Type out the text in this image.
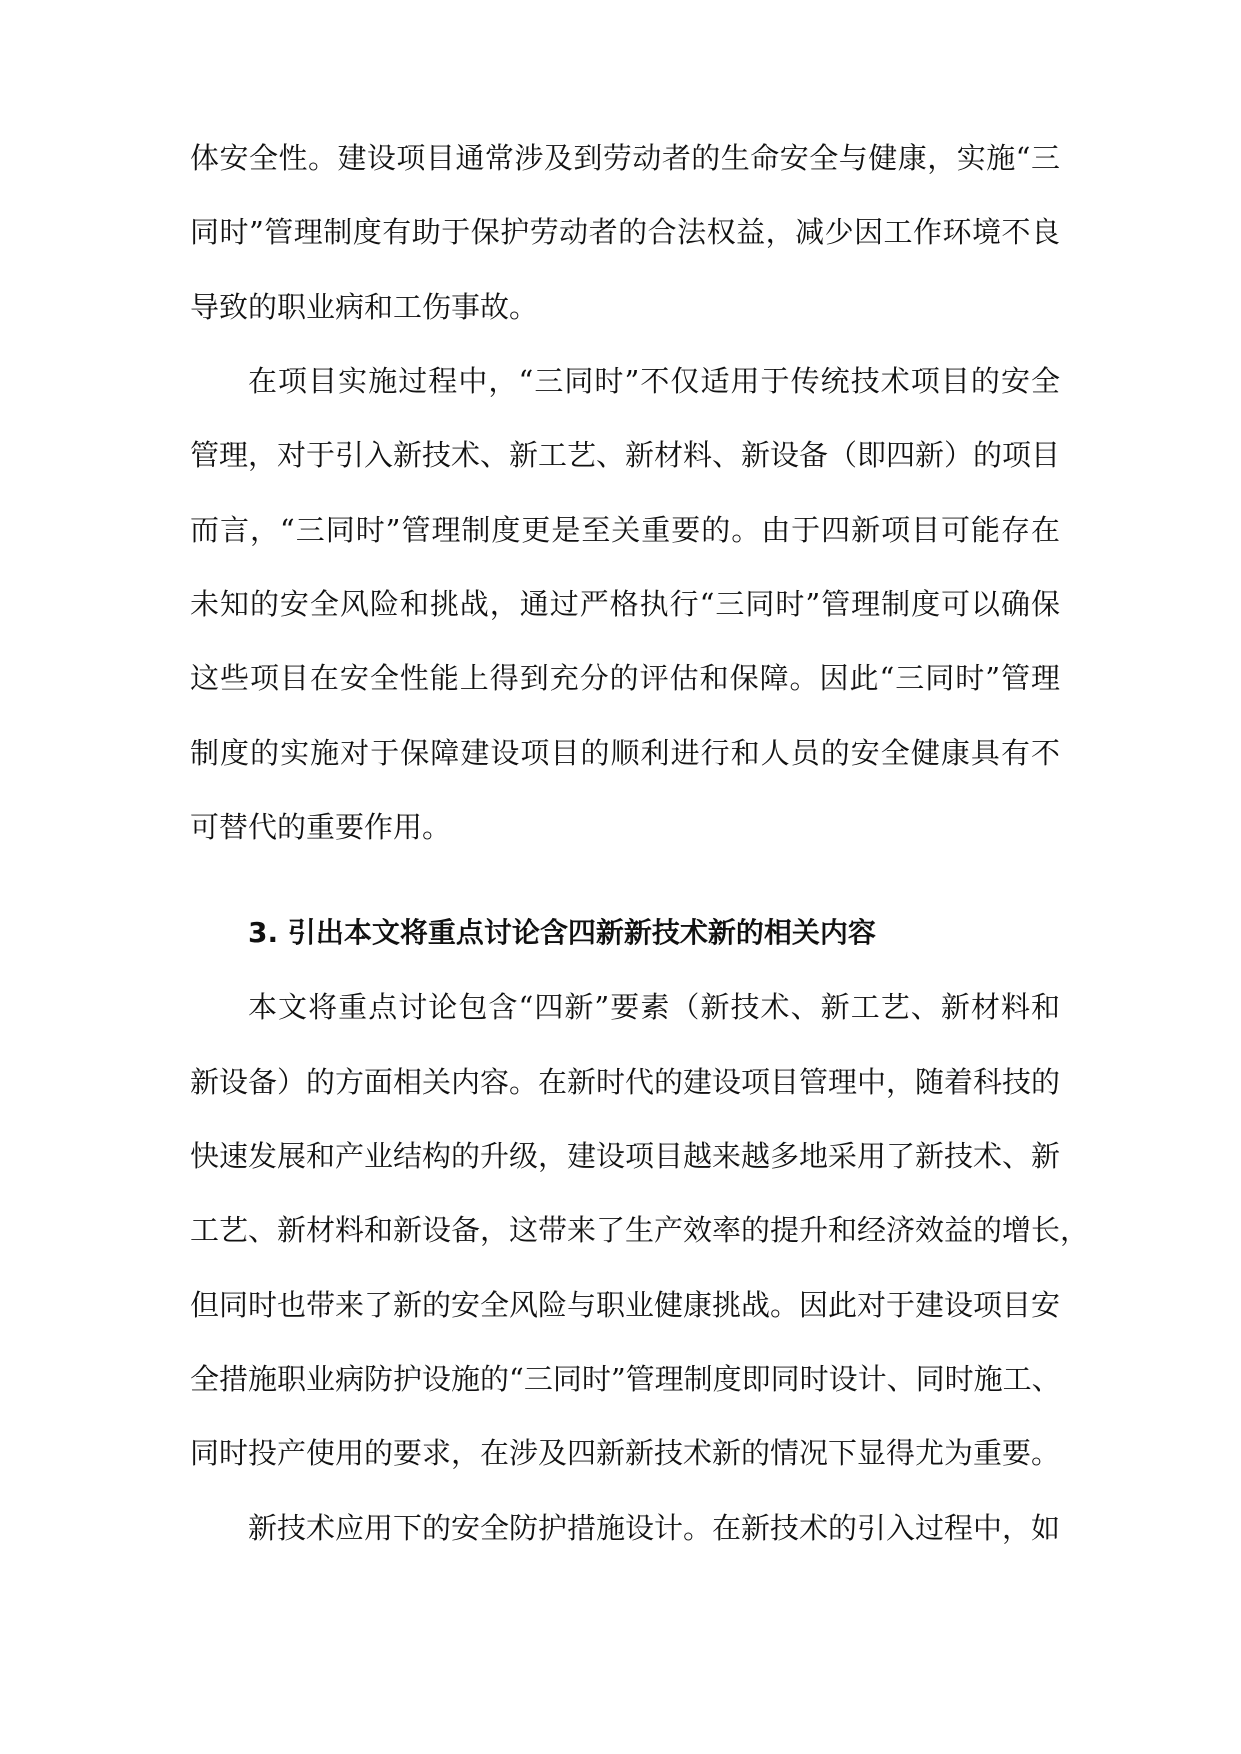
体安全性。建设项目通常涉及到劳动者的生命安全与健康，实施“三
同时”管理制度有助于保护劳动者的合法权益，减少因工作环境不良
导致的职业病和工伤事故。
在项目实施过程中，“三同时”不仅适用于传统技术项目的安全
管理，对于引入新技术、新工艺、新材料、新设备（即四新）的项目
而言，“三同时”管理制度更是至关重要的。由于四新项目可能存在
未知的安全风险和挑战，通过严格执行“三同时”管理制度可以确保
这些项目在安全性能上得到充分的评估和保障。因此“三同时”管理
制度的实施对于保障建设项目的顺利进行和人员的安全健康具有不
可替代的重要作用。
3. 引出本文将重点讨论含四新新技术新的相关内容
本文将重点讨论包含“四新”要素（新技术、新工艺、新材料和
新设备）的方面相关内容。在新时代的建设项目管理中，随着科技的
快速发展和产业结构的升级，建设项目越来越多地采用了新技术、新
工艺、新材料和新设备，这带来了生产效率的提升和经济效益的增长，
但同时也带来了新的安全风险与职业健康挑战。因此对于建设项目安
全措施职业病防护设施的“三同时”管理制度即同时设计、同时施工、
同时投产使用的要求，在涉及四新新技术新的情况下显得尤为重要。
新技术应用下的安全防护措施设计。在新技术的引入过程中，如
